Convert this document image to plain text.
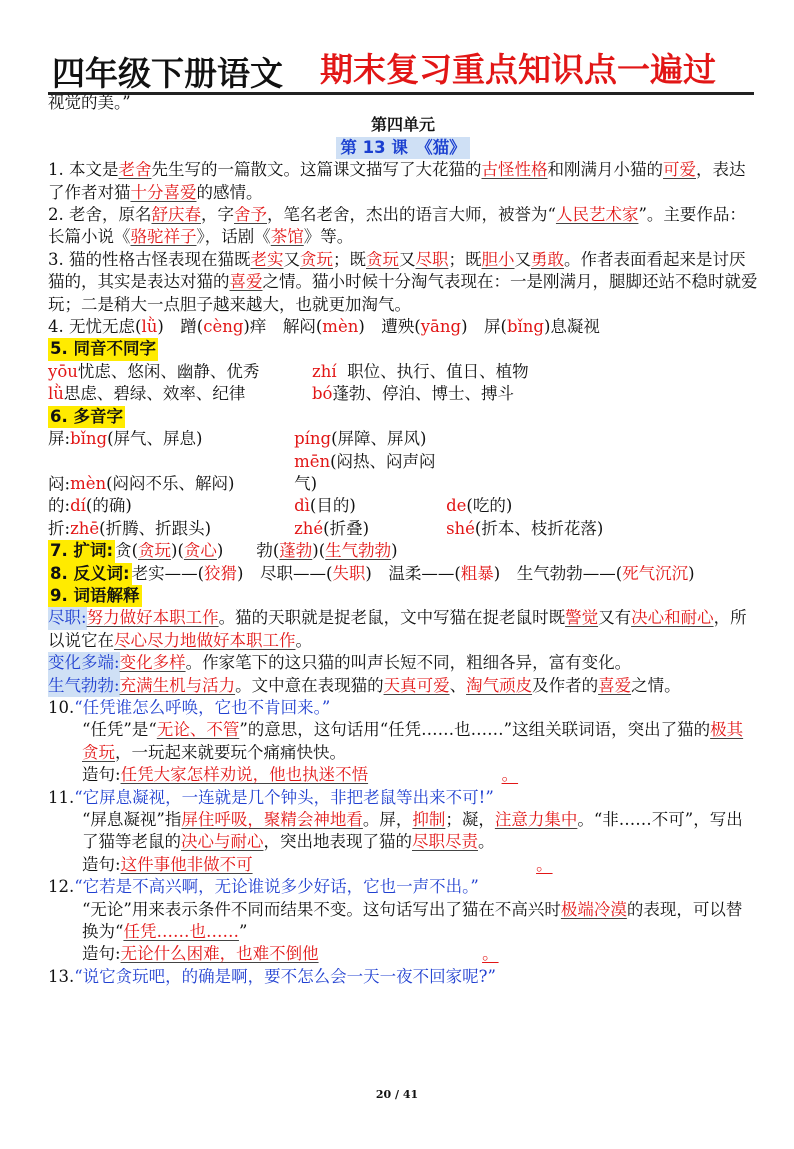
四年级下册语文 期末复习重点知识点一遍过
视觉的美。”
第四单元
第 13 课　《猫》
1. 本文是老舍先生写的一篇散文。这篇课文描写了大花猫的古怪性格和刚满月小猫的可爱，表达了作者对猫十分喜爱的感情。
2. 老舍，原名舒庆春，字舍予，笔名老舍，杰出的语言大师，被誉为“人民艺术家”。主要作品：长篇小说《骆驼祥子》，话剧《茶馆》等。
3. 猫的性格古怪表现在猫既老实又贪玩；既贪玩又尽职；既胆小又勇敢。作者表面看起来是讨厌猫的，其实是表达对猫的喜爱之情。猫小时候十分淘气表现在：一是刚满月，腿脚还站不稳时就爱玩；二是稍大一点胆子越来越大，也就更加淘气。
4. 无忧无虑(lǜ)　蹭(cèng)痒　解闷(mèn)　遭殃(yāng)　屏(bǐng)息凝视
5. 同音不同字
yōu忧虑、悠闲、幽静、优秀	zhí 职位、执行、值日、植物
lǜ思虑、碧绿、效率、纪律	bó蓬勃、停泊、博士、搏斗
6. 多音字
屏:bǐng(屏气、屏息)	píng(屏障、屏风)
闷:mèn(闷闷不乐、解闷)mēn(闷热、闷声闷气)
的:dí(的确)	dì(目的)	de(吃的)
折:zhē(折腾、折跟头)	zhé(折叠)	shé(折本、枝折花落)
7. 扩词: 贪(贪玩)(贪心)　　勃(蓬勃)(生气勃勃)
8. 反义词: 老实——(狡猾)　尽职——(失职)　温柔——(粗暴)　生气勃勃——(死气沉沉)
9. 词语解释
尽职:努力做好本职工作。猫的天职就是捉老鼠，文中写猫在捉老鼠时既警觉又有决心和耐心，所以说它在尽心尽力地做好本职工作。
变化多端:变化多样。作家笔下的这只猫的叫声长短不同，粗细各异，富有变化。
生气勃勃:充满生机与活力。文中意在表现猫的天真可爱、淘气顽皮及作者的喜爱之情。
10.“任凭谁怎么呼唤，它也不肯回来。”
“任凭”是“无论、不管”的意思，这句话用“任凭……也……”这组关联词语，突出了猫的极其贪玩，一玩起来就要玩个痛痛快快。
造句:任凭大家怎样劝说，他也执迷不悟	。
11.“它屏息凝视，一连就是几个钟头，非把老鼠等出来不可!”
“屏息凝视”指屏住呼吸，聚精会神地看。屏，抑制；凝，注意力集中。“非……不可”，写出了猫等老鼠的决心与耐心，突出地表现了猫的尽职尽责。
造句:这件事他非做不可	。
12.“它若是不高兴啊，无论谁说多少好话，它也一声不出。”
“无论”用来表示条件不同而结果不变。这句话写出了猫在不高兴时极端冷漠的表现，可以替换为“任凭……也……”
造句:无论什么困难，也难不倒他	。
13.“说它贪玩吧，的确是啊，要不怎么会一天一夜不回家呢?”
20 / 41
